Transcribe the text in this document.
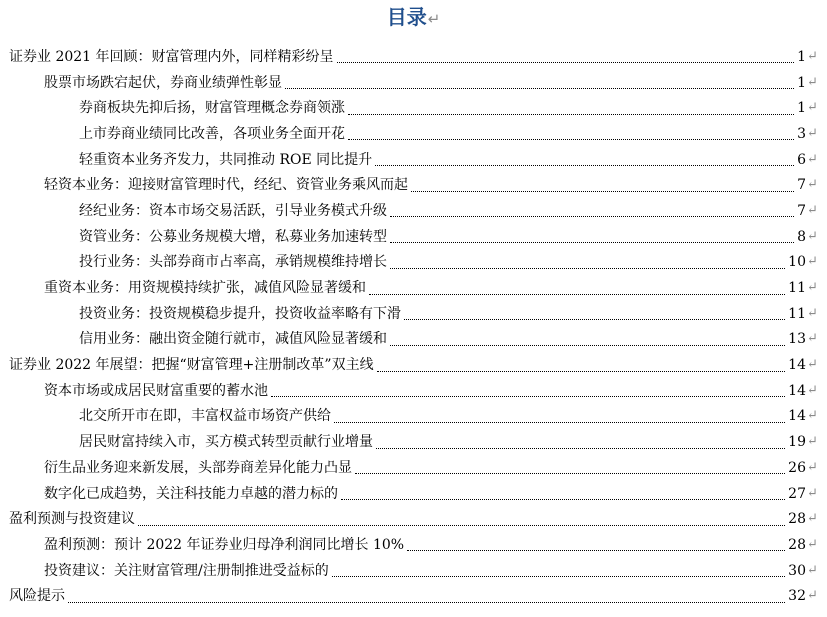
目录↵
证券业 2021 年回顾：财富管理内外，同样精彩纷呈	1 ↵
股票市场跌宕起伏，券商业绩弹性彰显	1 ↵
券商板块先抑后扬，财富管理概念券商领涨	1 ↵
上市券商业绩同比改善，各项业务全面开花	3 ↵
轻重资本业务齐发力，共同推动 ROE 同比提升	6 ↵
轻资本业务：迎接财富管理时代，经纪、资管业务乘风而起	7 ↵
经纪业务：资本市场交易活跃，引导业务模式升级	7 ↵
资管业务：公募业务规模大增，私募业务加速转型	8 ↵
投行业务：头部券商市占率高，承销规模维持增长	10 ↵
重资本业务：用资规模持续扩张，减值风险显著缓和	11 ↵
投资业务：投资规模稳步提升，投资收益率略有下滑	11 ↵
信用业务：融出资金随行就市，减值风险显著缓和	13 ↵
证券业 2022 年展望：把握“财富管理+注册制改革”双主线	14 ↵
资本市场或成居民财富重要的蓄水池	14 ↵
北交所开市在即，丰富权益市场资产供给	14 ↵
居民财富持续入市，买方模式转型贡献行业增量	19 ↵
衍生品业务迎来新发展，头部券商差异化能力凸显	26 ↵
数字化已成趋势，关注科技能力卓越的潜力标的	27 ↵
盈利预测与投资建议	28 ↵
盈利预测：预计 2022 年证券业归母净利润同比增长 10%	28 ↵
投资建议：关注财富管理/注册制推进受益标的	30 ↵
风险提示	32 ↵
